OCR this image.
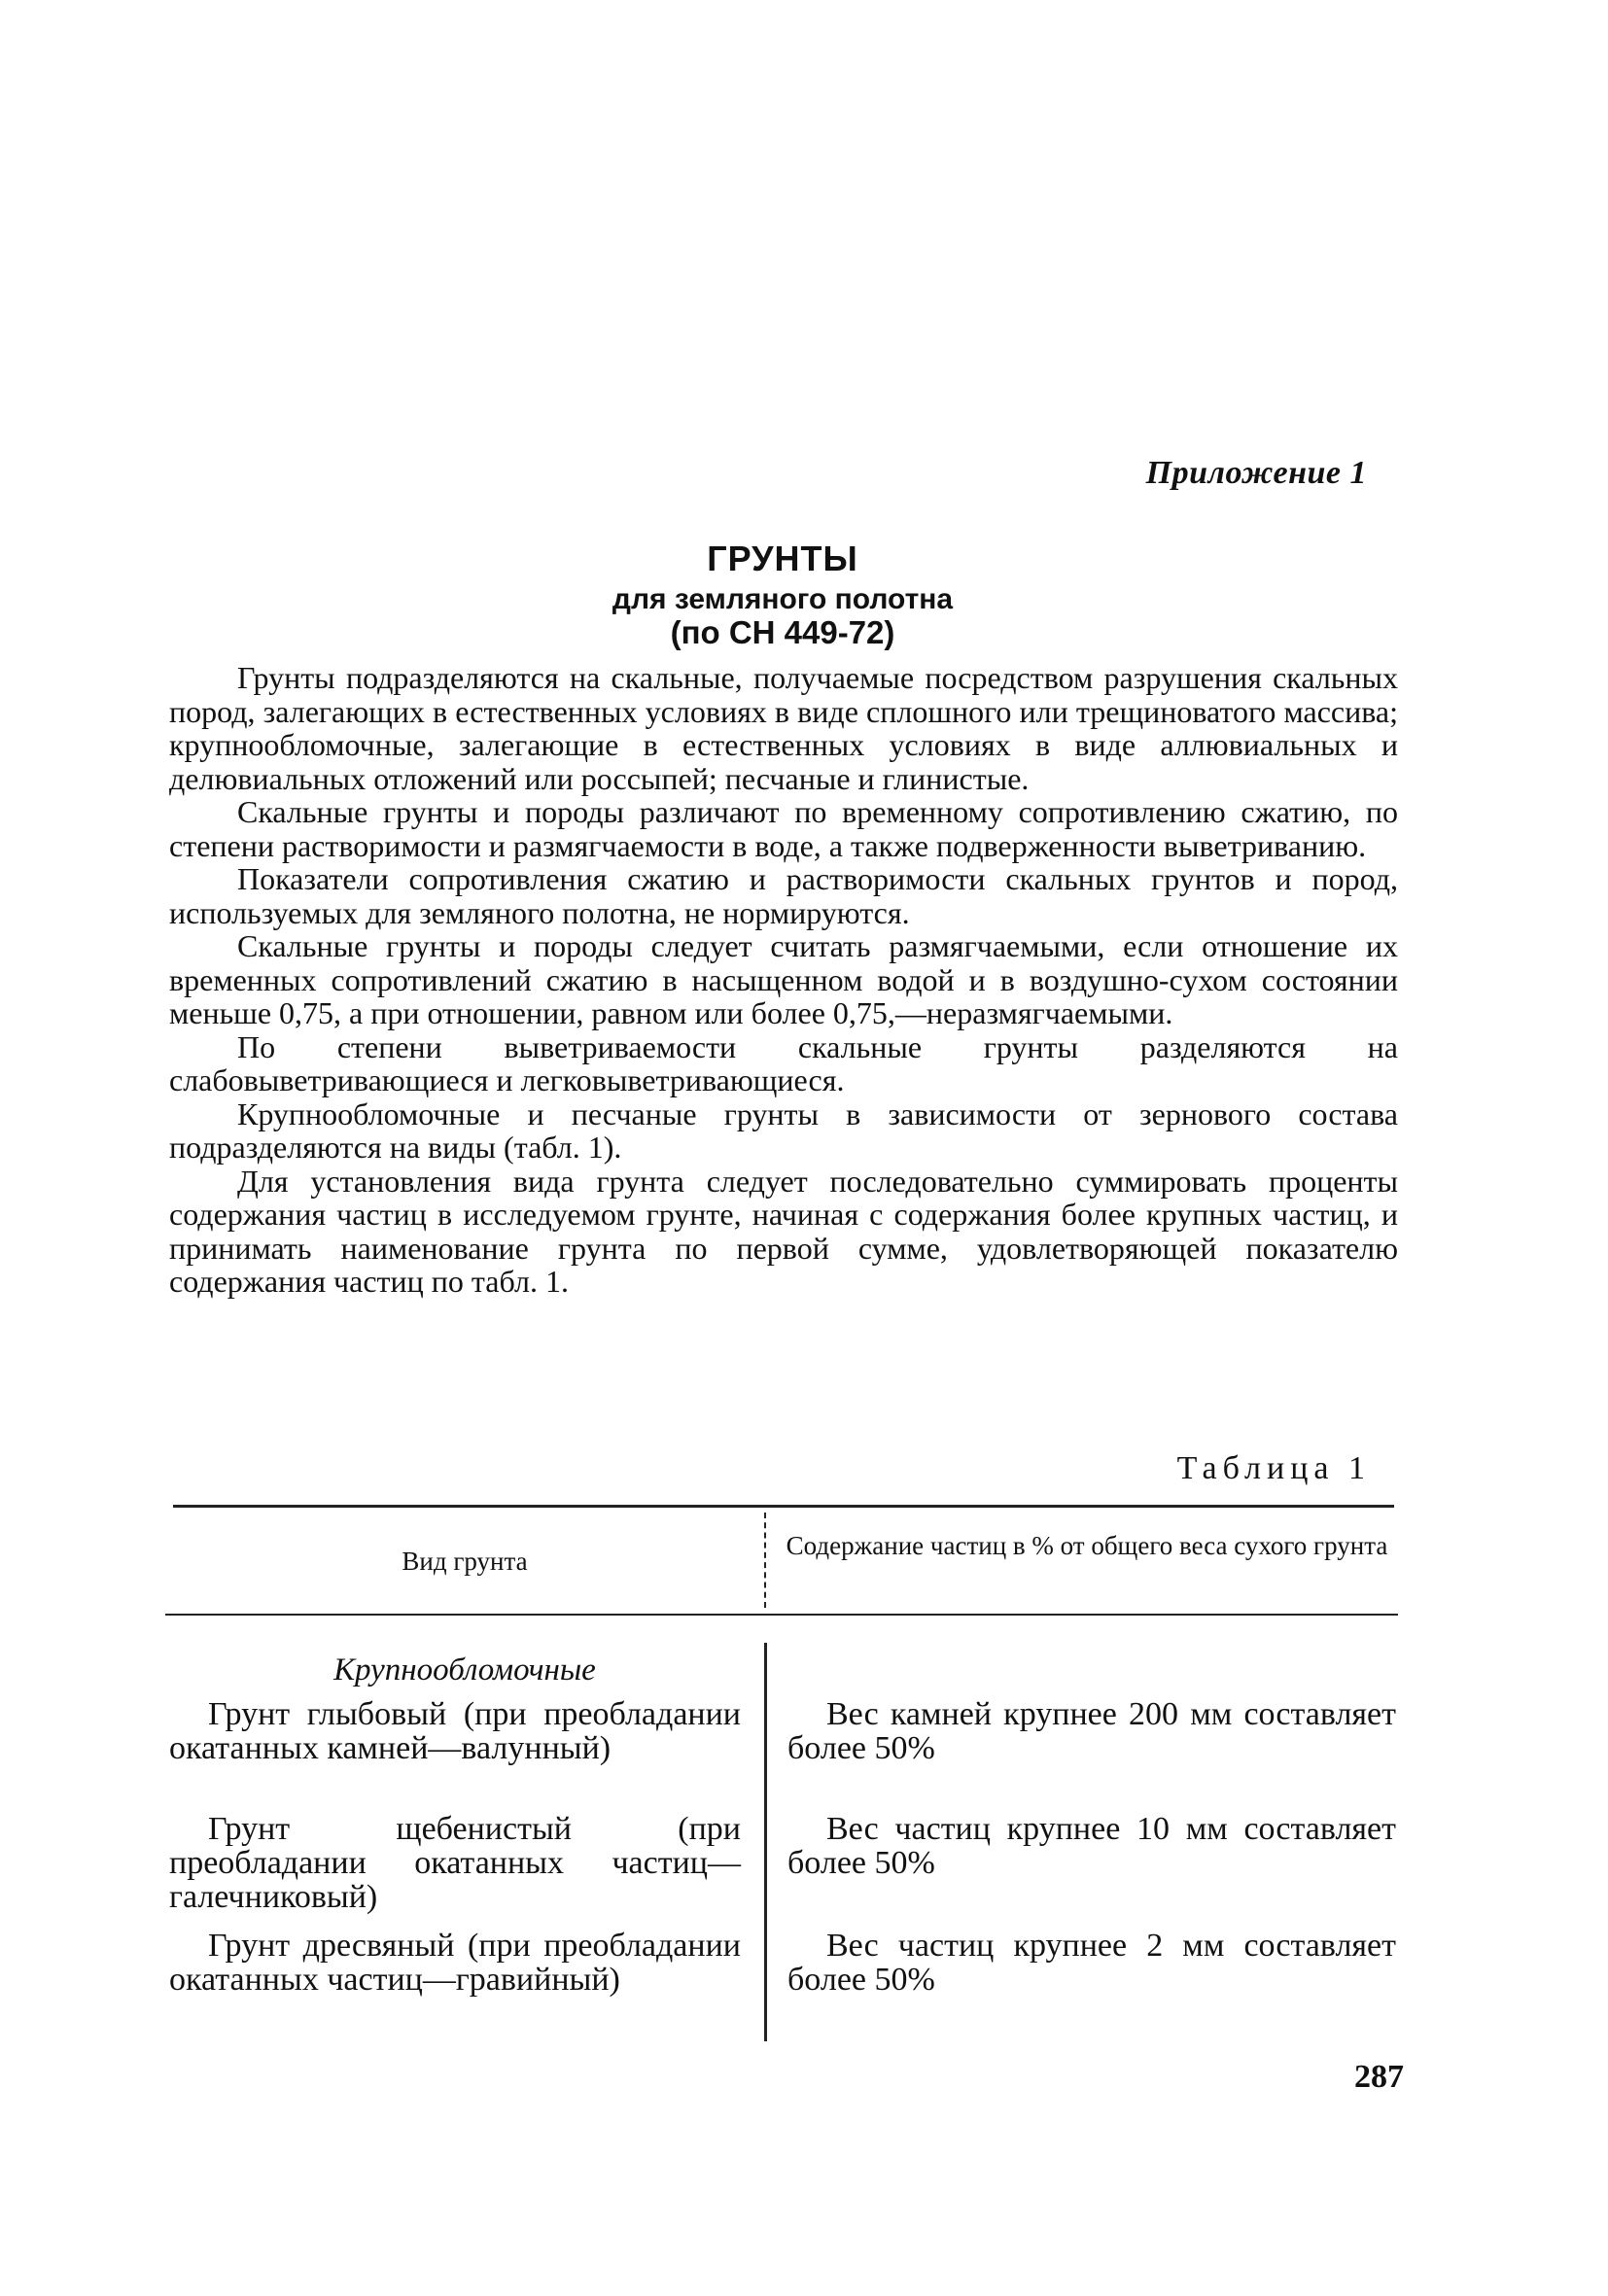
Приложение 1
ГРУНТЫ
для земляного полотна
(по СН 449-72)

Грунты подразделяются на скальные, получаемые посредством разрушения скальных пород, залегающих в естественных условиях в виде сплошного или трещиноватого массива; крупнообломочные, залегающие в естественных условиях в виде аллювиальных и делювиальных отложений или россыпей; песчаные и глинистые.

Скальные грунты и породы различают по временному сопротивлению сжатию, по степени растворимости и размягчаемости в воде, а также подверженности выветриванию.

Показатели сопротивления сжатию и растворимости скальных грунтов и пород, используемых для земляного полотна, не нормируются.

Скальные грунты и породы следует считать размягчаемыми, если отношение их временных сопротивлений сжатию в насыщенном водой и в воздушно-сухом состоянии меньше 0,75, а при отношении, равном или более 0,75,—неразмягчаемыми.

По степени выветриваемости скальные грунты разделяются на слабовыветривающиеся и легковыветривающиеся.

Крупнообломочные и песчаные грунты в зависимости от зернового состава подразделяются на виды (табл. 1).

Для установления вида грунта следует последовательно суммировать проценты содержания частиц в исследуемом грунте, начиная с содержания более крупных частиц, и принимать наименование грунта по первой сумме, удовлетворяющей показателю содержания частиц по табл. 1.

Таблица 1
Вид грунта
Содержание частиц в % от общего веса сухого грунта
Крупнообломочные

Грунт глыбовый (при преобладании окатанных камней—валунный)

Вес камней крупнее 200 мм составляет более 50%

Грунт щебенистый (при преобладании окатанных частиц—галечниковый)

Вес частиц крупнее 10 мм составляет более 50%

Грунт дресвяный (при преобладании окатанных частиц—гравийный)

Вес частиц крупнее 2 мм составляет более 50%

287
